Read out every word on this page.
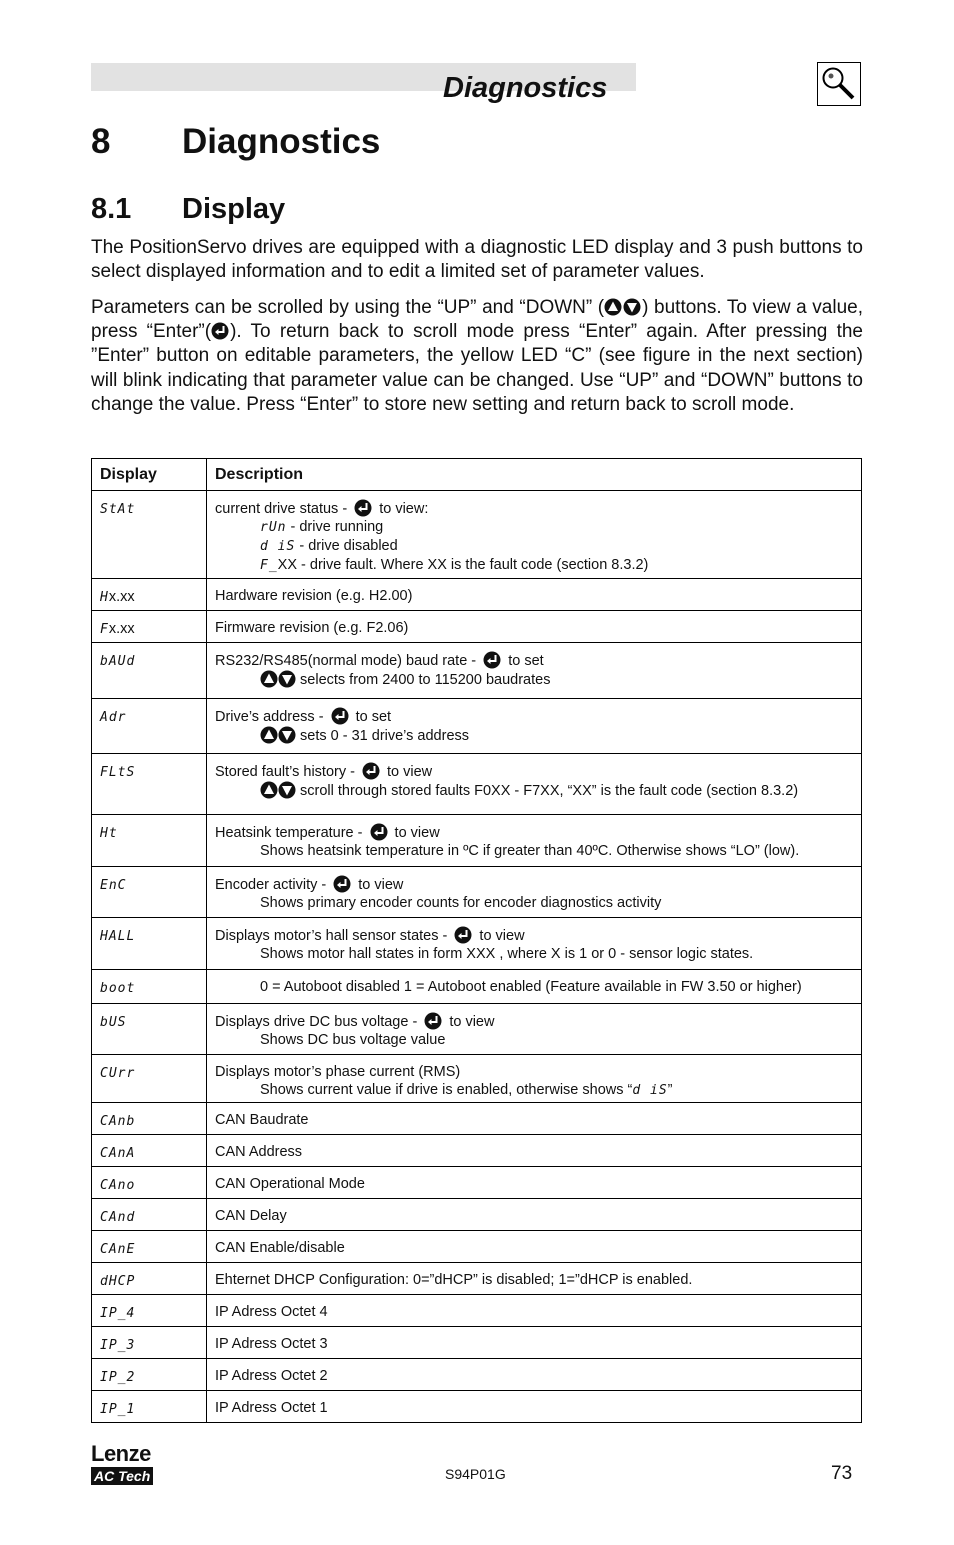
Diagnostics
8 Diagnostics
8.1 Display

The PositionServo drives are equipped with a diagnostic LED display and 3 push buttons to select displayed information and to edit a limited set of parameter values.

Parameters can be scrolled by using the “UP” and “DOWN” ( ) buttons. To view a value, press “Enter”( ). To return back to scroll mode press “Enter” again. After pressing the ”Enter” button on editable parameters, the yellow LED “C” (see figure in the next section) will blink indicating that parameter value can be changed. Use “UP” and “DOWN” buttons to change the value. Press “Enter” to store new setting and return back to scroll mode.

Display	Description
StAt	current drive status -  to view:
rUn - drive running
d iS - drive disabled
F_XX - drive fault. Where XX is the fault code (section 8.3.2)

Hx.xx	Hardware revision (e.g. H2.00)
Fx.xx	Firmware revision (e.g. F2.06)
bAUd	RS232/RS485(normal mode) baud rate -  to set
selects from 2400 to 115200 baudrates

Adr	Drive’s address -  to set
sets 0 - 31 drive’s address

FLtS	Stored fault’s history -  to view
scroll through stored faults F0XX - F7XX, “XX” is the fault code (section 8.3.2)

Ht	Heatsink temperature -  to view
Shows heatsink temperature in ºC if greater than 40ºC. Otherwise shows “LO” (low).

EnC	Encoder activity -  to view
Shows primary encoder counts for encoder diagnostics activity

HALL	Displays motor’s hall sensor states -  to view
Shows motor hall states in form XXX , where X is 1 or 0 - sensor logic states.

boot	0 = Autoboot disabled 1 = Autoboot enabled (Feature available in FW 3.50 or higher)

bUS	Displays drive DC bus voltage -  to view
Shows DC bus voltage value

CUrr	Displays motor’s phase current (RMS)
Shows current value if drive is enabled, otherwise shows “d iS”

CAnb	CAN Baudrate
CAnA	CAN Address
CAno	CAN Operational Mode
CAnd	CAN Delay
CAnE	CAN Enable/disable
dHCP	Ehternet DHCP Configuration: 0=”dHCP” is disabled; 1=”dHCP is enabled.
IP_4	IP Adress Octet 4
IP_3	IP Adress Octet 3
IP_2	IP Adress Octet 2
IP_1	IP Adress Octet 1
Lenze
AC Tech	S94P01G	73
